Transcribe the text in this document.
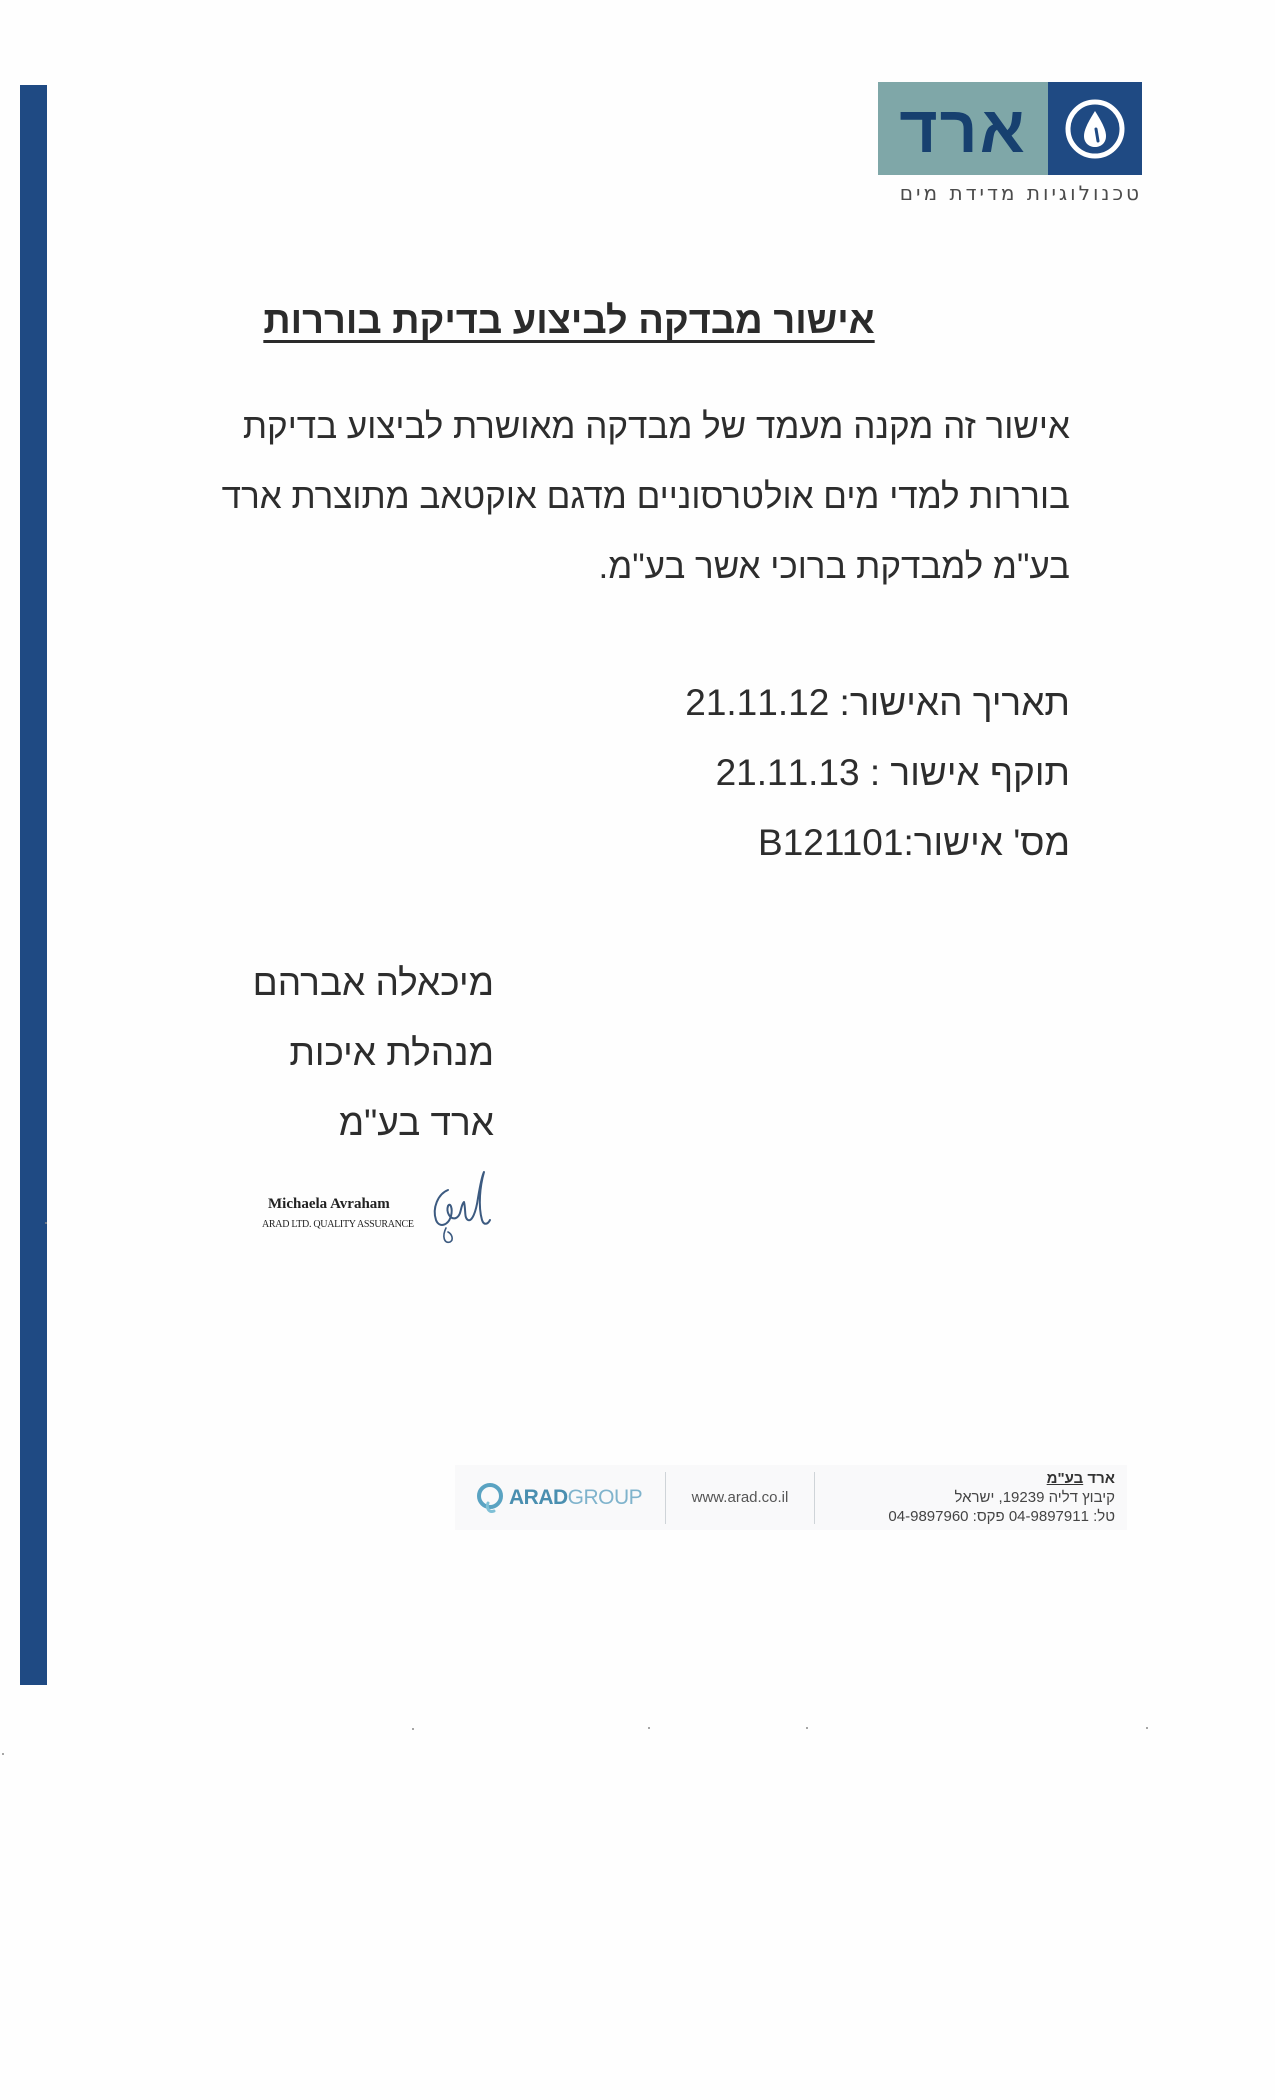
ארד
טכנולוגיות מדידת מים
אישור מבדקה לביצוע בדיקת בוררות
אישור זה מקנה מעמד של מבדקה מאושרת לביצוע בדיקת
בוררות למדי מים אולטרסוניים מדגם אוקטאב מתוצרת ארד
בע"מ למבדקת ברוכי אשר בע"מ.
תאריך האישור: 21.11.12
תוקף אישור : 21.11.13
מס' אישור:B121101
מיכאלה אברהם
מנהלת איכות
ארד בע"מ
Michaela Avraham
ARAD LTD. QUALITY ASSURANCE
ARADGROUP	www.arad.co.il
ארד בע"מ
קיבוץ דליה 19239, ישראל
טל: 04-9897911 פקס: 04-9897960
